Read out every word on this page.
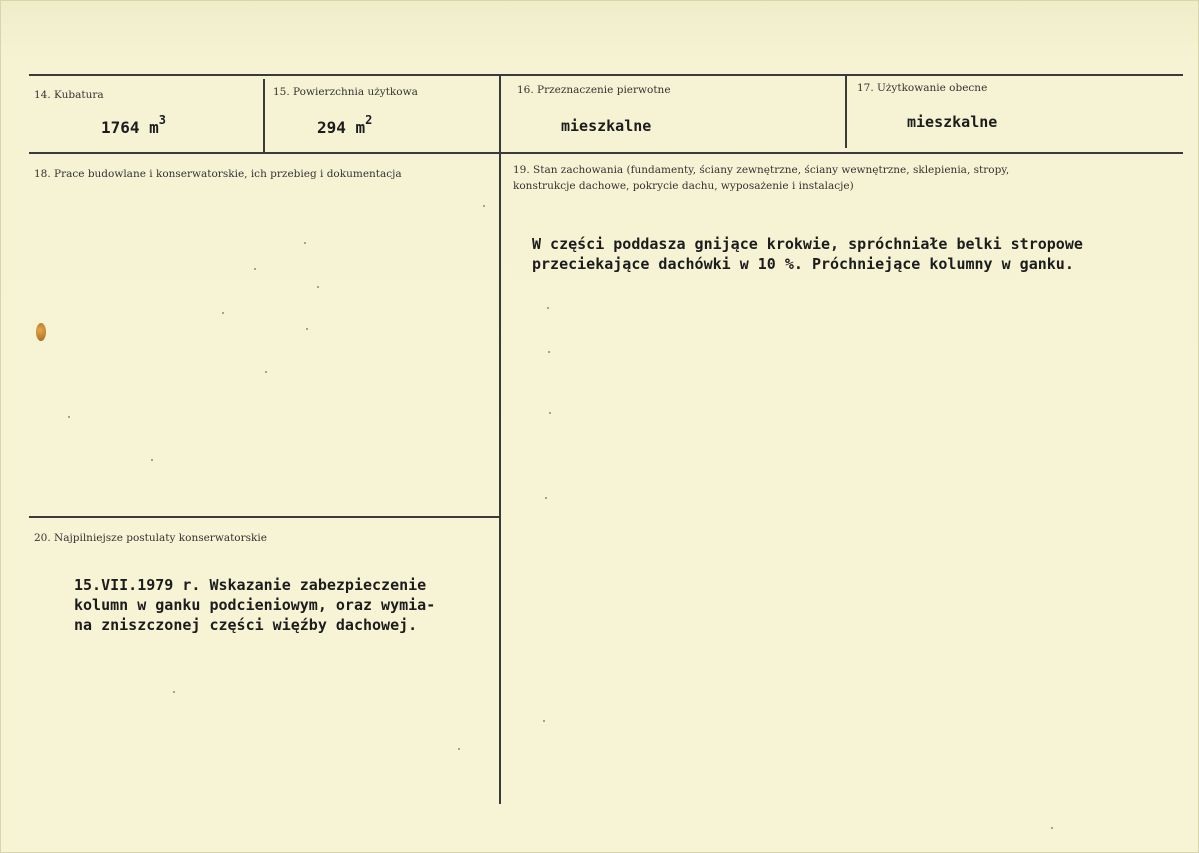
14. Kubatura
1764 $m^3$
15. Powierzchnia użytkowa
294 $m^2$
16. Przeznaczenie pierwotne
mieszkalne
17. Użytkowanie obecne
mieszkalne
18. Prace budowlane i konserwatorskie, ich przebieg i dokumentacja	19. Stan zachowania (fundamenty, ściany zewnętrzne, ściany wewnętrzne, sklepienia, stropy,
konstrukcje dachowe, pokrycie dachu, wyposażenie i instalacje)
W części poddasza gnijące krokwie, spróchniałe belki stropowe
przeciekające dachówki w 10 %. Próchniejące kolumny w ganku.
20. Najpilniejsze postulaty konserwatorskie
15.VII.1979 r. Wskazanie zabezpieczenie
kolumn w ganku podcieniowym, oraz wymia-
na zniszczonej części więźby dachowej.
